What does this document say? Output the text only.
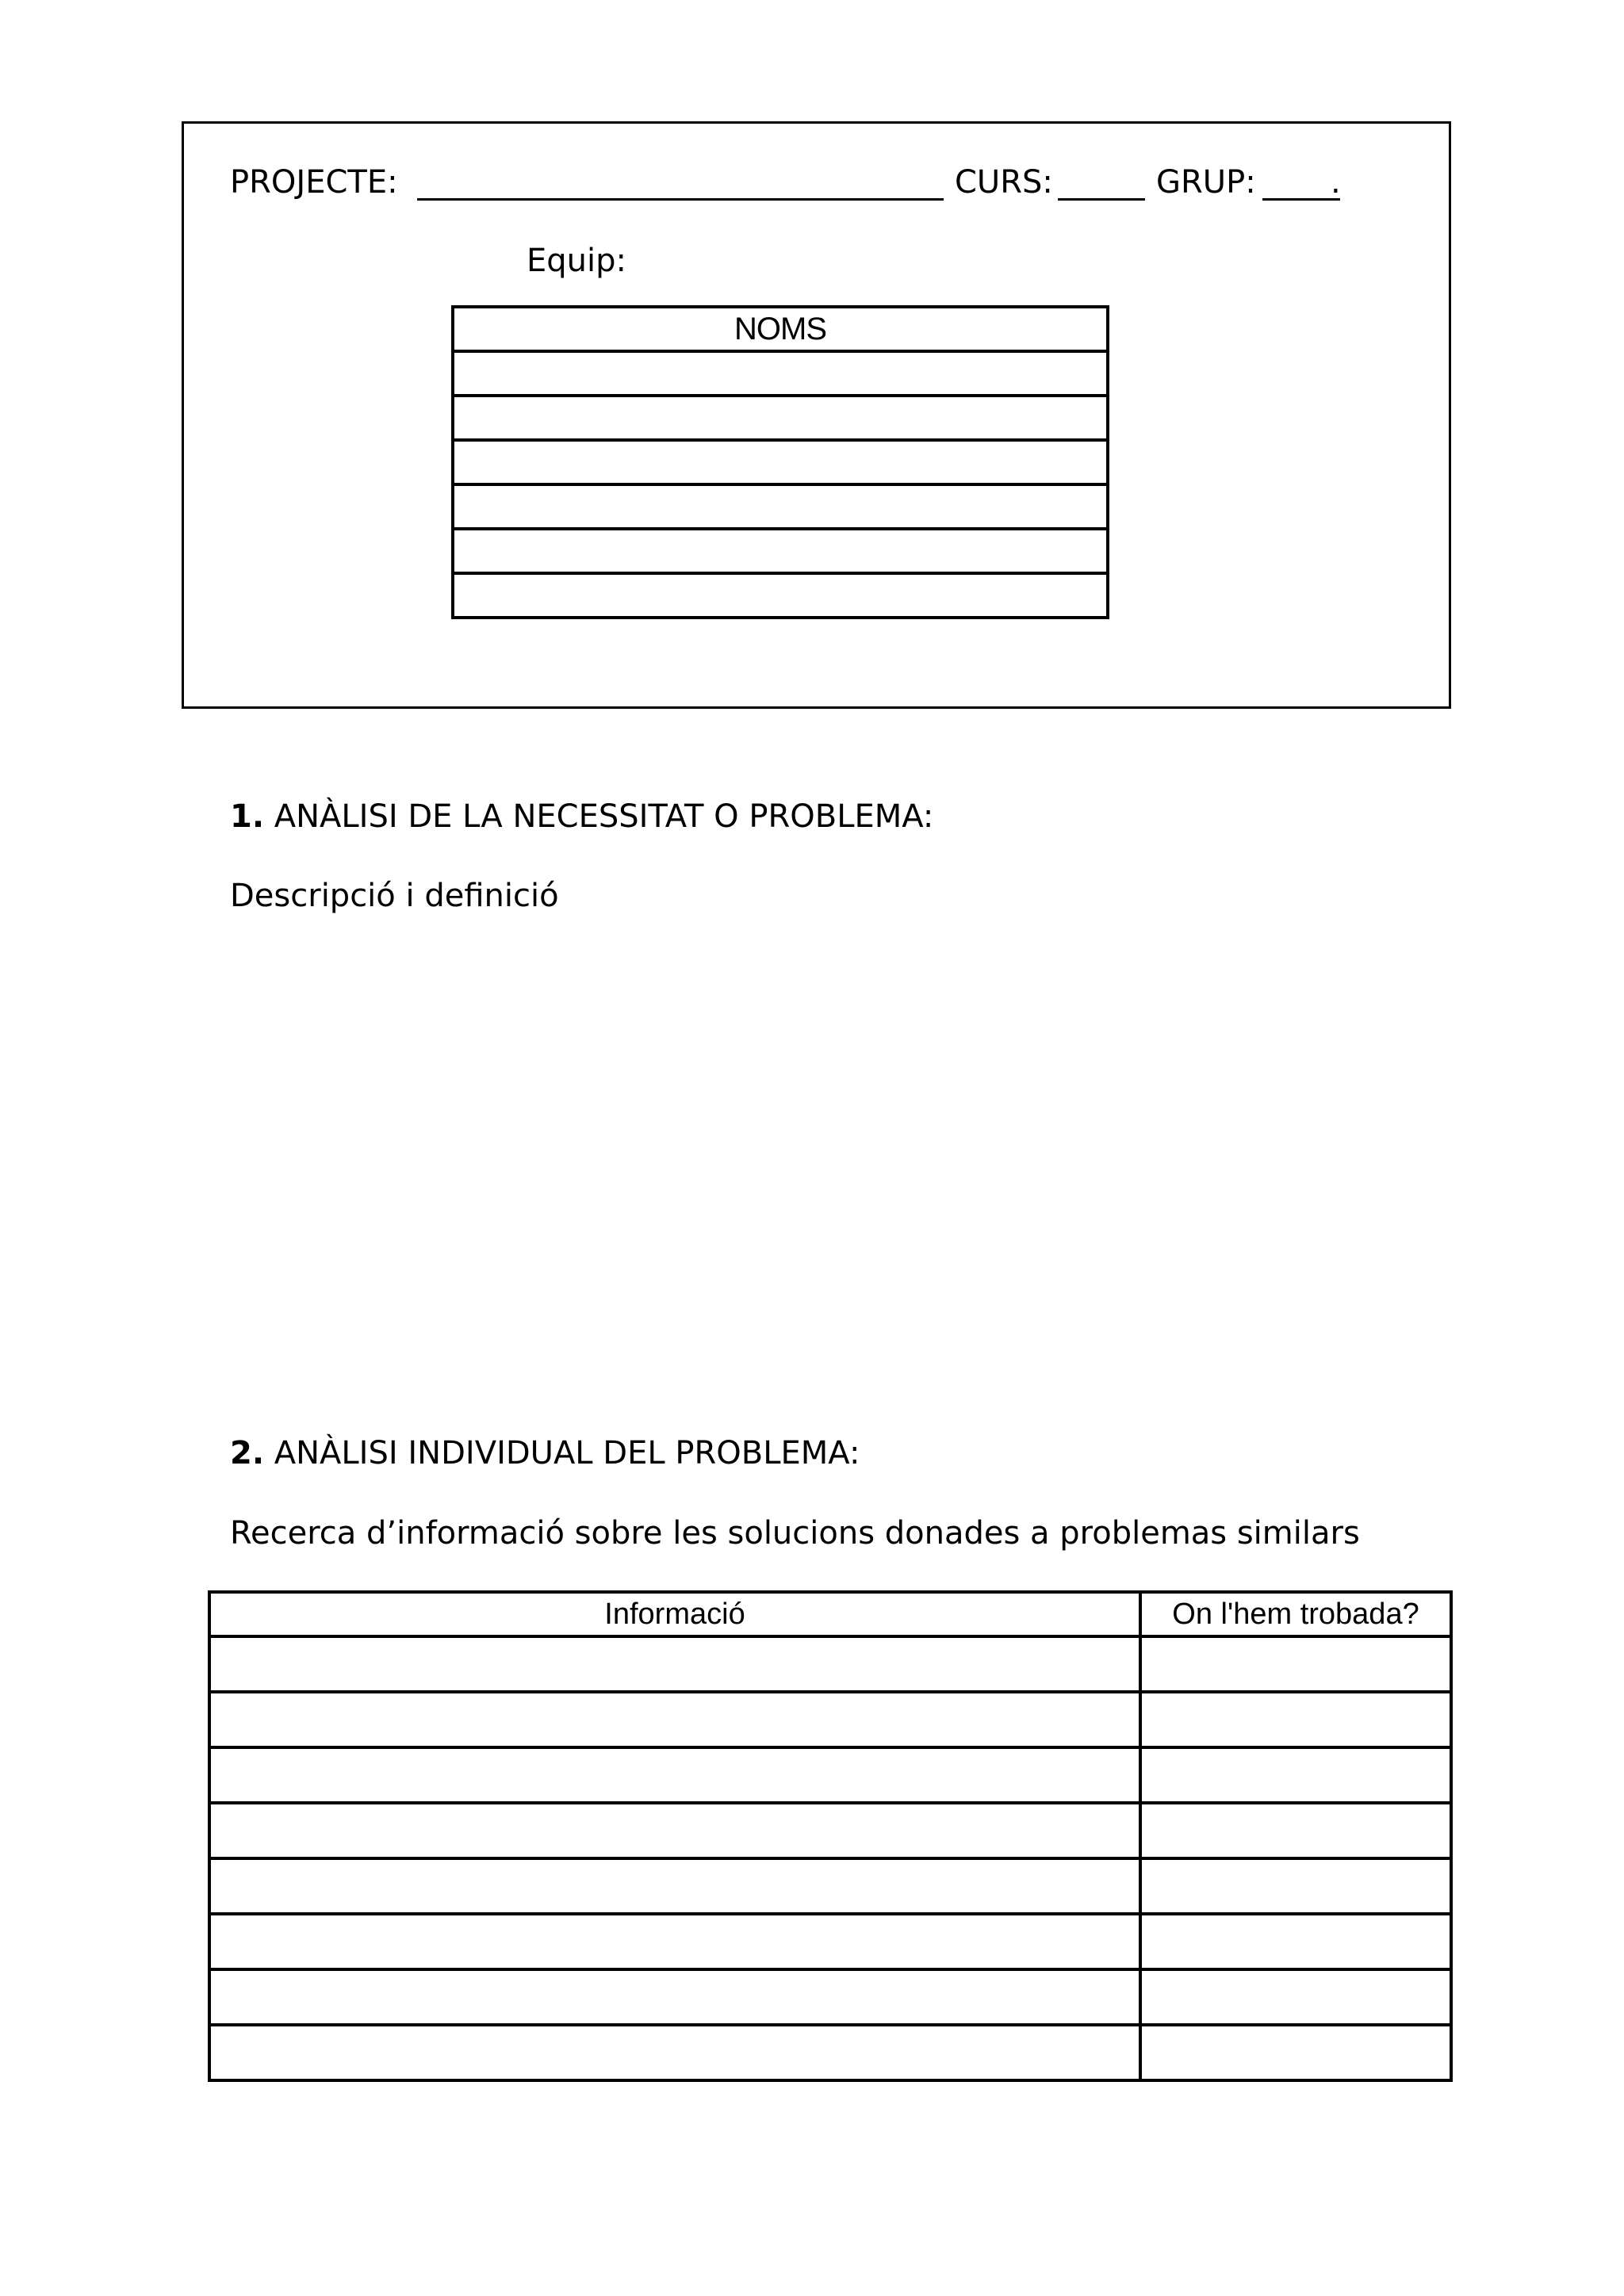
PROJECTE:	CURS:	GRUP: .
Equip:
NOMS

1. ANÀLISI DE LA NECESSITAT O PROBLEMA:
Descripció i definició
2. ANÀLISI INDIVIDUAL DEL PROBLEMA:
Recerca d’informació sobre les solucions donades a problemas similars
Informació	On l'hem trobada?
